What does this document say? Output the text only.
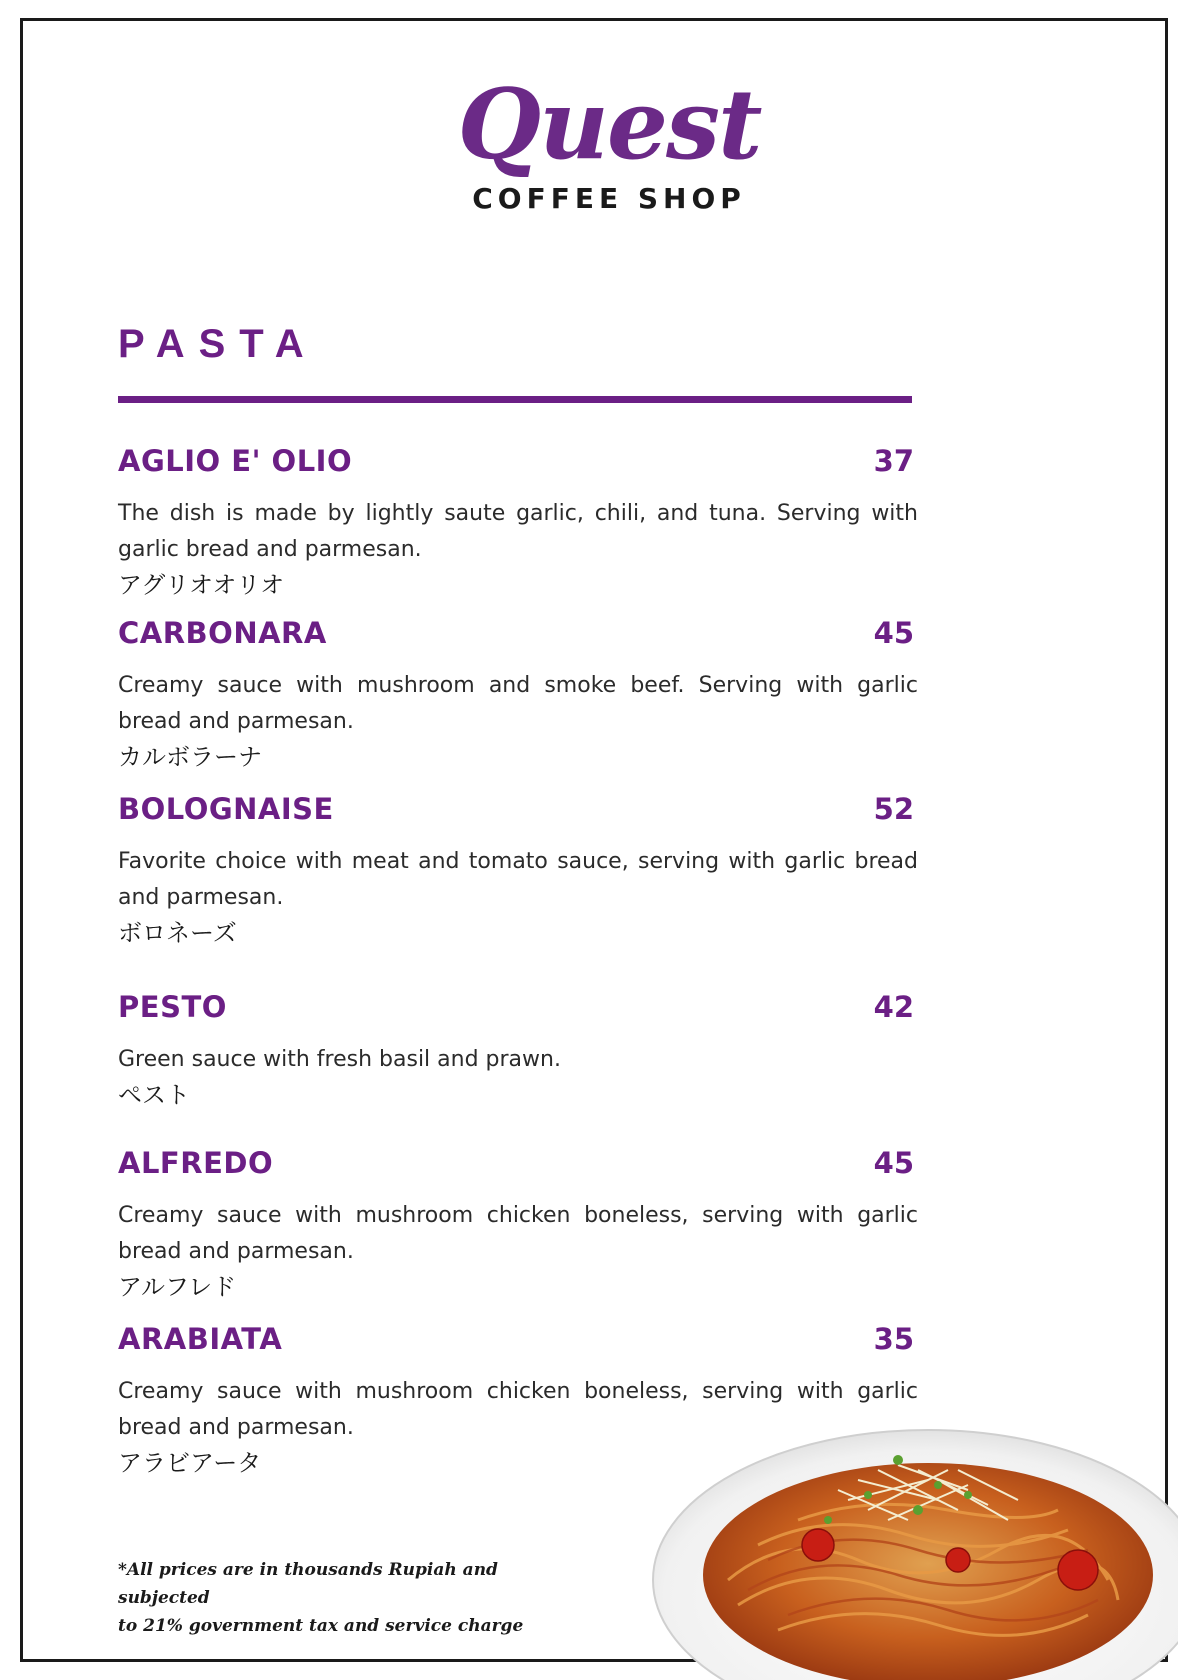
Quest
COFFEE SHOP
PASTA
AGLIO E' OLIO	37
The dish is made by lightly saute garlic, chili, and tuna. Serving with garlic bread and parmesan.
アグリオオリオ
CARBONARA	45
Creamy sauce with mushroom and smoke beef. Serving with garlic bread and parmesan.
カルボラーナ
BOLOGNAISE	52
Favorite choice with meat and tomato sauce, serving with garlic bread and parmesan.
ボロネーズ
PESTO	42
Green sauce with fresh basil and prawn.
ペスト
ALFREDO	45
Creamy sauce with mushroom chicken boneless, serving with garlic bread and parmesan.
アルフレド
ARABIATA	35
Creamy sauce with mushroom chicken boneless, serving with garlic bread and parmesan.
アラビアータ
*All prices are in thousands Rupiah and subjected
to 21% government tax and service charge
